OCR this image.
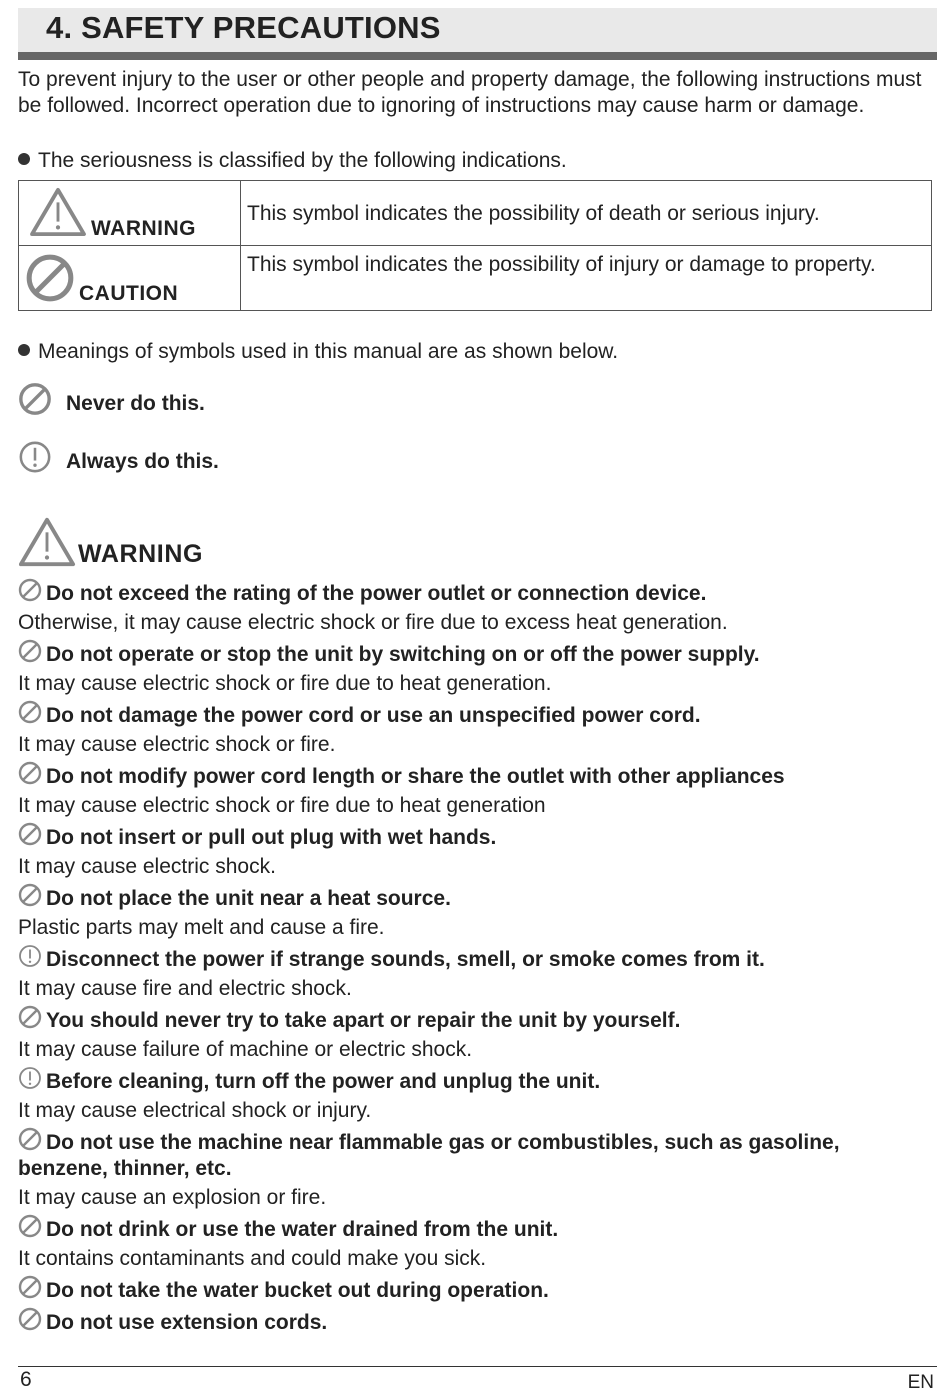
4. SAFETY PRECAUTIONS

To prevent injury to the user or other people and property damage, the following instructions must be followed. Incorrect operation due to ignoring of instructions may cause harm or damage.

The seriousness is classified by the following indications.

WARNING	This symbol indicates the possibility of death or serious injury.

CAUTION	This symbol indicates the possibility of injury or damage to property.

Meanings of symbols used in this manual are as shown below.

Never do this.
Always do this.
WARNING

Do not exceed the rating of the power outlet or connection device.

Otherwise, it may cause electric shock or fire due to excess heat generation.

Do not operate or stop the unit by switching on or off the power supply.

It may cause electric shock or fire due to heat generation.

Do not damage the power cord or use an unspecified power cord.

It may cause electric shock or fire.

Do not modify power cord length or share the outlet with other appliances

It may cause electric shock or fire due to heat generation

Do not insert or pull out plug with wet hands.

It may cause electric shock.

Do not place the unit near a heat source.

Plastic parts may melt and cause a fire.

Disconnect the power if strange sounds, smell, or smoke comes from it.

It may cause fire and electric shock.

You should never try to take apart or repair the unit by yourself.

It may cause failure of machine or electric shock.

Before cleaning, turn off the power and unplug the unit.

It may cause electrical shock or injury.

Do not use the machine near flammable gas or combustibles, such as gasoline, benzene, thinner, etc.

It may cause an explosion or fire.

Do not drink or use the water drained from the unit.

It contains contaminants and could make you sick.

Do not take the water bucket out during operation.

Do not use extension cords.

6	EN
